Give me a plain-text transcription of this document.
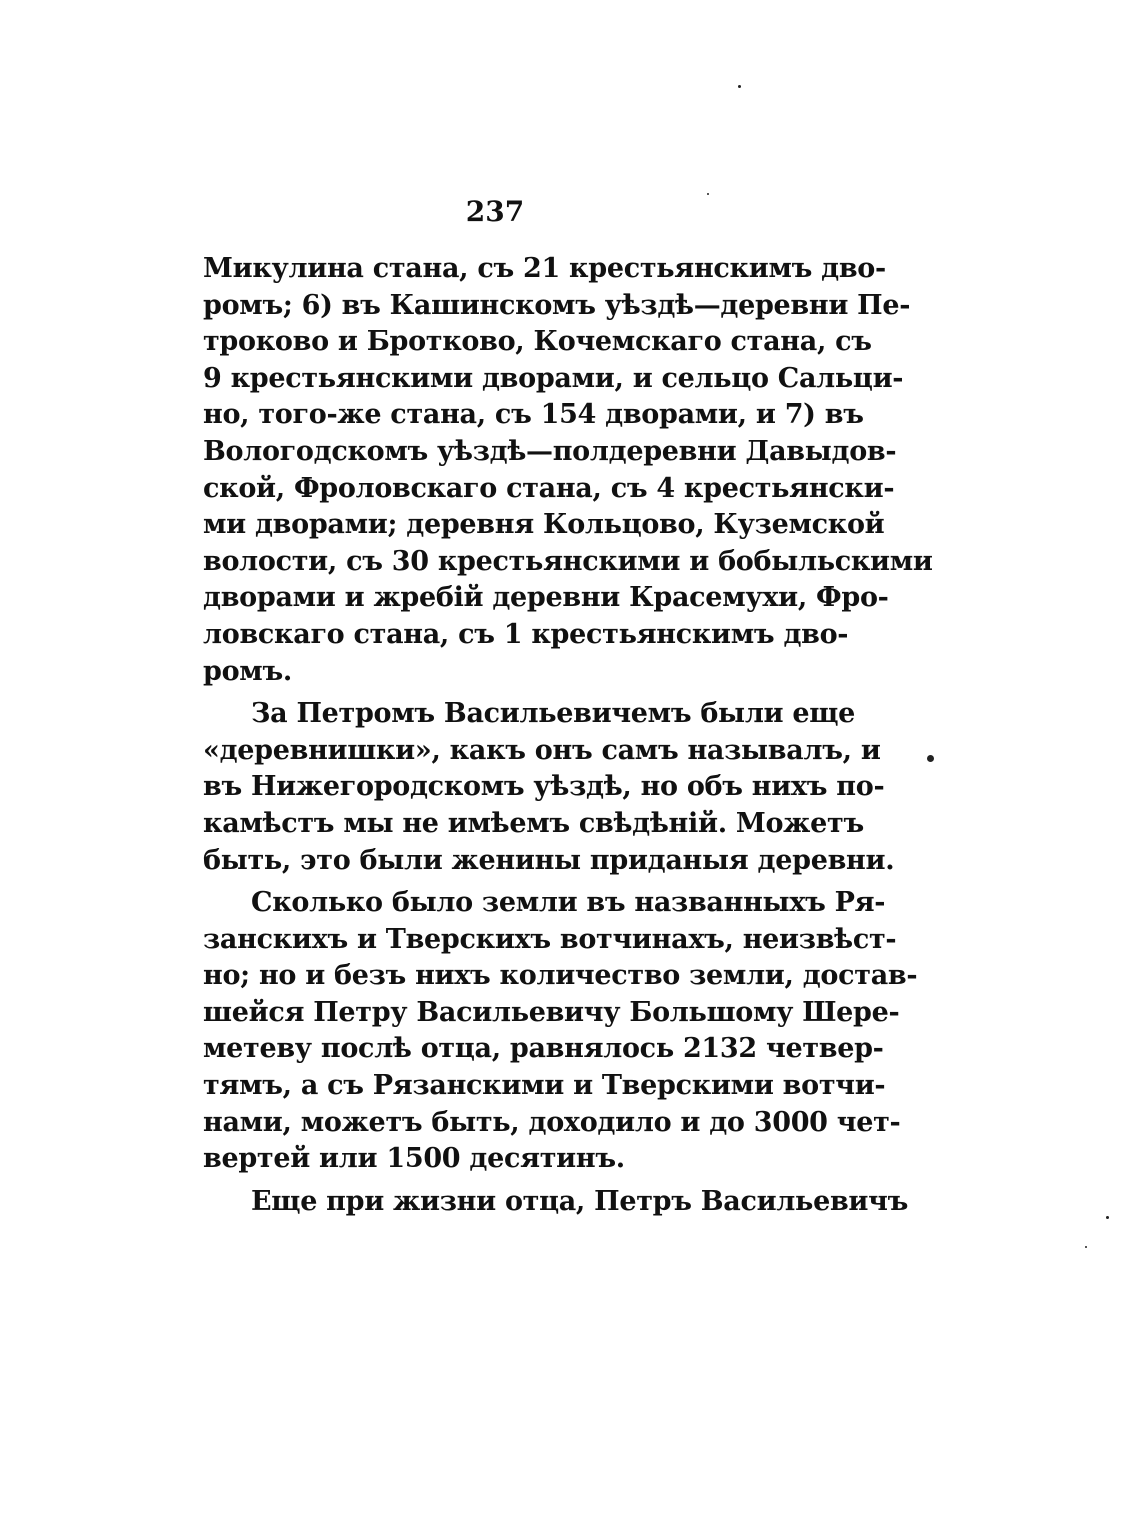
237
Микулина стана, съ 21 крестьянскимъ дво-
ромъ; 6) въ Кашинскомъ уѣздѣ—деревни Пе-
троково и Бротково, Кочемскаго стана, съ
9 крестьянскими дворами, и сельцо Сальци-
но, того-же стана, съ 154 дворами, и 7) въ
Вологодскомъ уѣздѣ—полдеревни Давыдов-
ской, Фроловскаго стана, съ 4 крестьянски-
ми дворами; деревня Кольцово, Куземской
волости, съ 30 крестьянскими и бобыльскими
дворами и жребій деревни Красемухи, Фро-
ловскаго стана, съ 1 крестьянскимъ дво-
ромъ.
За Петромъ Васильевичемъ были еще
«деревнишки», какъ онъ самъ называлъ, и
въ Нижегородскомъ уѣздѣ, но объ нихъ по-
камѣстъ мы не имѣемъ свѣдѣній. Можетъ
быть, это были женины приданыя деревни.
Сколько было земли въ названныхъ Ря-
занскихъ и Тверскихъ вотчинахъ, неизвѣст-
но; но и безъ нихъ количество земли, достав-
шейся Петру Васильевичу Большому Шере-
метеву послѣ отца, равнялось 2132 четвер-
тямъ, а съ Рязанскими и Тверскими вотчи-
нами, можетъ быть, доходило и до 3000 чет-
вертей или 1500 десятинъ.
Еще при жизни отца, Петръ Васильевичъ
